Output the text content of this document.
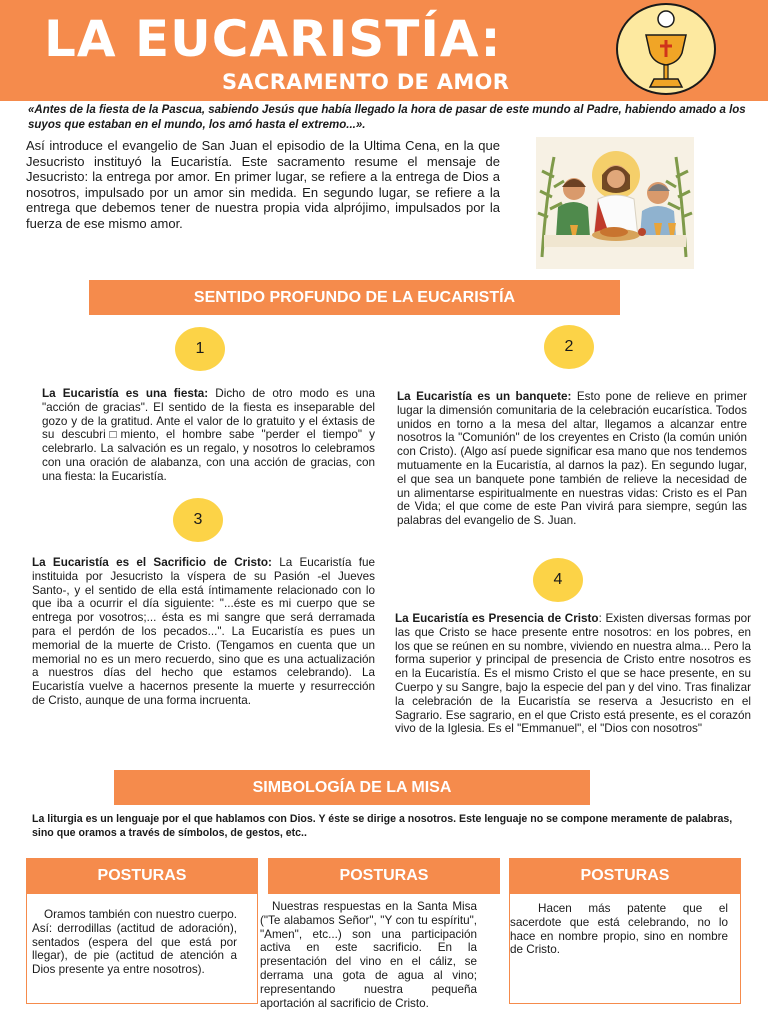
LA EUCARISTÍA:
SACRAMENTO DE AMOR

«Antes de la fiesta de la Pascua, sabiendo Jesús que había llegado la hora de pasar de este mundo al Padre, habiendo amado a los suyos que estaban en el mundo, los amó hasta el extremo...».

Así introduce el evangelio de San Juan el episodio de la Ultima Cena, en la que Jesucristo instituyó la Eucaristía. Este sacramento resume el mensaje de Jesucristo: la entrega por amor. En primer lugar, se refiere a la entrega de Dios a nosotros, impulsado por un amor sin medida. En segundo lugar, se refiere a la entrega que debemos tener de nuestra propia vida alprójimo, impulsados por la fuerza de ese mismo amor.

SENTIDO PROFUNDO DE LA EUCARISTÍA
1	2
3
4

La Eucaristía es una fiesta: Dicho de otro modo es una "acción de gracias". El sentido de la fiesta es inseparable del gozo y de la gratitud. Ante el valor de lo gratuito y el éxtasis de su descubri□miento, el hombre sabe "perder el tiempo" y celebrarlo. La salvación es un regalo, y nosotros lo celebramos con una oración de alabanza, con una acción de gracias, con una fiesta: la Eucaristía.

La Eucaristía es un banquete: Esto pone de relieve en primer lugar la dimensión comunitaria de la celebración eucarística. Todos unidos en torno a la mesa del altar, llegamos a alcanzar entre nosotros la "Comunión" de los creyentes en Cristo (la común unión con Cristo). (Algo así puede significar esa mano que nos tendemos mutuamente en la Eucaristía, al darnos la paz). En segundo lugar, el que sea un banquete pone también de relieve la necesidad de un alimentarse espiritualmente en nuestras vidas: Cristo es el Pan de Vida; el que come de este Pan vivirá para siempre, según las palabras del evangelio de S. Juan.

La Eucaristía es el Sacrificio de Cristo: La Eucaristía fue instituida por Jesucristo la víspera de su Pasión -el Jueves Santo-, y el sentido de ella está íntimamente relacionado con lo que iba a ocurrir el día siguiente: "...éste es mi cuerpo que se entrega por vosotros;... ésta es mi sangre que será derramada para el perdón de los pecados...". La Eucaristía es pues un memorial de la muerte de Cristo. (Tengamos en cuenta que un memorial no es un mero recuerdo, sino que es una actualización a nuestros días del hecho que estamos celebrando). La Eucaristía vuelve a hacernos presente la muerte y resurrección de Cristo, aunque de una forma incruenta.

La Eucaristía es Presencia de Cristo: Existen diversas formas por las que Cristo se hace presente entre nosotros: en los pobres, en los que se reúnen en su nombre, viviendo en nuestra alma... Pero la forma superior y principal de presencia de Cristo entre nosotros es en la Eucaristía. Es el mismo Cristo el que se hace presente, en su Cuerpo y su Sangre, bajo la especie del pan y del vino. Tras finalizar la celebración de la Eucaristía se reserva a Jesucristo en el Sagrario. Ese sagrario, en el que Cristo está presente, es el corazón vivo de la Iglesia. Es el "Emmanuel", el "Dios con nosotros"

SIMBOLOGÍA DE LA MISA

La liturgia es un lenguaje por el que hablamos con Dios. Y éste se dirige a nosotros. Este lenguaje no se compone meramente de palabras, sino que oramos a través de símbolos, de gestos, etc..

POSTURAS

Oramos también con nuestro cuerpo. Así: derrodillas (actitud de adoración), sentados (espera del que está por llegar), de pie (actitud de atención a Dios presente ya entre nosotros).

POSTURAS

Nuestras respuestas en la Santa Misa ("Te alabamos Señor", "Y con tu espíritu", "Amen", etc...) son una participación activa en este sacrificio. En la presentación del vino en el cáliz, se derrama una gota de agua al vino; representando nuestra pequeña aportación al sacrificio de Cristo.

POSTURAS

Hacen más patente que el sacerdote que está celebrando, no lo hace en nombre propio, sino en nombre de Cristo.
